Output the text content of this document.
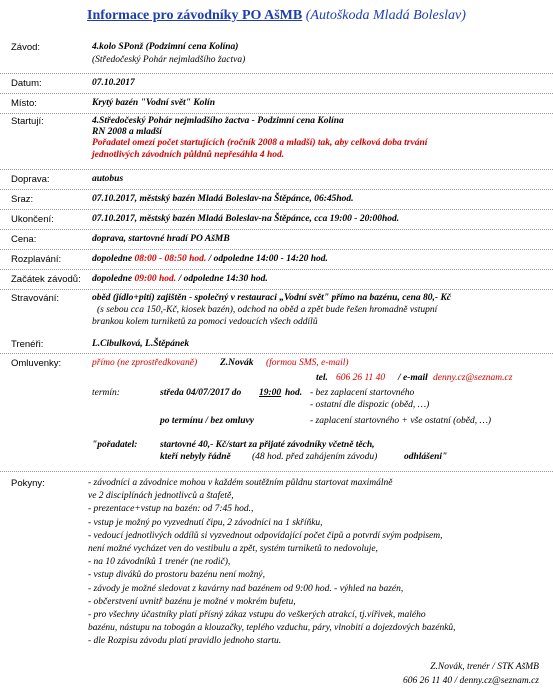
Informace pro závodníky PO AšMB (Autoškoda Mladá Boleslav)
Závod:	4.kolo SPonž (Podzimní cena Kolína)
(Středočeský Pohár nejmladšího žactva)
Datum:	07.10.2017
Místo:	Krytý bazén "Vodní svět" Kolín
Startují:	4.Středočeský Pohár nejmladšího žactva - Podzimní cena Kolína
RN 2008 a mladší
Pořadatel omezí počet startujících (ročník 2008 a mladší) tak, aby celková doba trvání
jednotlivých závodních půldnů nepřesáhla 4 hod.
Doprava:	autobus
Sraz:	07.10.2017, městský bazén Mladá Boleslav-na Štěpánce, 06:45hod.
Ukončení:	07.10.2017, městský bazén Mladá Boleslav-na Štěpánce, cca 19:00 - 20:00hod.
Cena:	doprava, startovné hradí PO AšMB
Rozplavání:	dopoledne 08:00 - 08:50 hod. / odpoledne 14:00 - 14:20 hod.
Začátek závodů: dopoledne 09:00 hod. / odpoledne 14:30 hod.
Stravování:	oběd (jídlo+pití) zajištěn - společný v restauraci „Vodní svět" přímo na bazénu, cena 80,- Kč
(s sebou cca 150,-Kč, kiosek bazén), odchod na oběd a zpět bude řešen hromadně vstupní
brankou kolem turniketů za pomoci vedoucích všech oddílů
Trenéři:	L.Cibulková, L.Štěpánek
Omluvenky:	přímo (ne zprostředkovaně) Z.Novák (formou SMS, e-mail)
tel. 606 26 11 40 / e-mail denny.cz@seznam.cz
termín:	středa 04/07/2017 do 19:00 hod. - bez zaplacení startovného
- ostatní dle dispozic (oběd, …)
po termínu / bez omluvy	- zaplacení startovného + vše ostatní (oběd, …)
"pořadatel: startovné 40,- Kč/start za přijaté závodníky včetně těch,
kteří nebyly řádně (48 hod. před zahájením závodu)	odhlášeni"
Pokyny:	- závodníci a závodnice mohou v každém soutěžním půldnu startovat maximálně
ve 2 disciplínách jednotlivců a štafetě,
- prezentace+vstup na bazén: od 7:45 hod.,
- vstup je možný po vyzvednutí čipu, 2 závodníci na 1 skříňku,
- vedoucí jednotlivých oddílů si vyzvednout odpovídající počet čipů a potvrdí svým podpisem,
není možné vycházet ven do vestibulu a zpět, systém turniketů to nedovoluje,
- na 10 závodníků 1 trenér (ne rodič),
- vstup diváků do prostoru bazénu není možný,
- závody je možné sledovat z kavárny nad bazénem od 9:00 hod. - výhled na bazén,
- občerstvení uvnitř bazénu je možné v mokrém bufetu,
- pro všechny účastníky platí přísný zákaz vstupu do veškerých atrakcí, tj.vířivek, malého
bazénu, nástupu na tobogán a klouzačky, teplého vzduchu, páry, vlnobití a dojezdových bazénků,
- dle Rozpisu závodu platí pravidlo jednoho startu.
Z.Novák, trenér / STK AšMB
606 26 11 40 / denny.cz@seznam.cz
